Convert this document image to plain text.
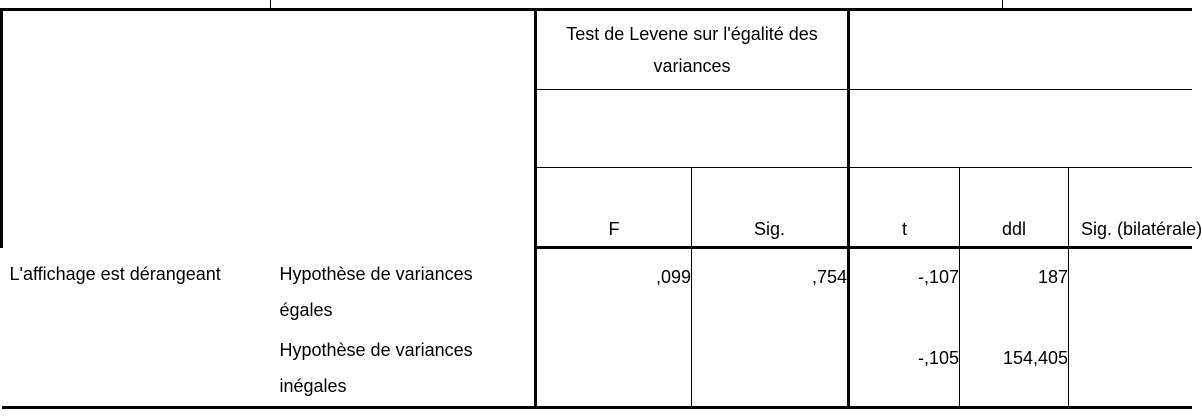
		Test de Levene sur l'égalité des variances				

		F	Sig.	t	ddl	Sig. (bilatérale)
L'affichage est dérangeant	Hypothèse de variances égales	,099	,754	-,107	187	
	Hypothèse de variances inégales			-,105	154,405	
